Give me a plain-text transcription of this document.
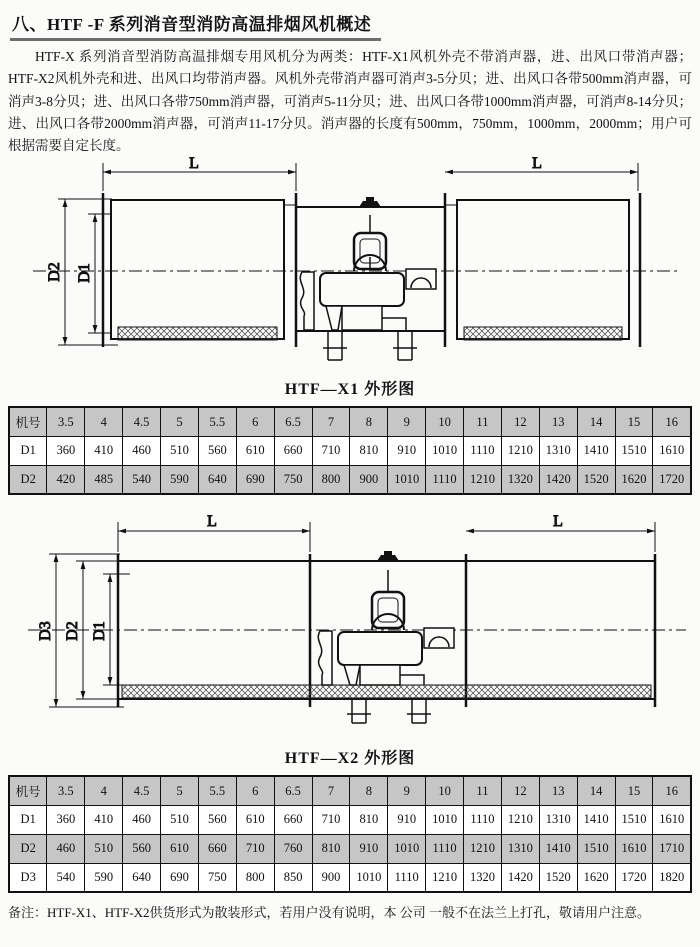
八、HTF -F 系列消音型消防高温排烟风机概述

HTF-X 系列消音型消防高温排烟专用风机分为两类：HTF-X1风机外壳不带消声器，进、出风口带消声器；HTF-X2风机外壳和进、出风口均带消声器。风机外壳带消声器可消声3-5分贝；进、出风口各带500mm消声器，可消声3-8分贝；进、出风口各带750mm消声器，可消声5-11分贝；进、出风口各带1000mm消声器，可消声8-14分贝；进、出风口各带2000mm消声器，可消声11-17分贝。消声器的长度有500mm，750mm，1000mm，2000mm；用户可根据需要自定长度。

L	L
D2 D1
HTF—X1 外形图
机号	3.5	4	4.5	5	5.5	6	6.5	7	8	9	10	11	12	13	14	15	16
D1	360	410	460	510	560	610	660	710	810	910	1010	1110	1210	1310	1410	1510	1610
D2	420	485	540	590	640	690	750	800	900	1010	1110	1210	1320	1420	1520	1620	1720
L	L
D3 D2 D1
HTF—X2 外形图
机号	3.5	4	4.5	5	5.5	6	6.5	7	8	9	10	11	12	13	14	15	16
D1	360	410	460	510	560	610	660	710	810	910	1010	1110	1210	1310	1410	1510	1610
D2	460	510	560	610	660	710	760	810	910	1010	1110	1210	1310	1410	1510	1610	1710
D3	540	590	640	690	750	800	850	900	1010	1110	1210	1320	1420	1520	1620	1720	1820

备注：HTF-X1、HTF-X2供货形式为散装形式，若用户没有说明，本 公司 一般不在法兰上打孔，敬请用户注意。
